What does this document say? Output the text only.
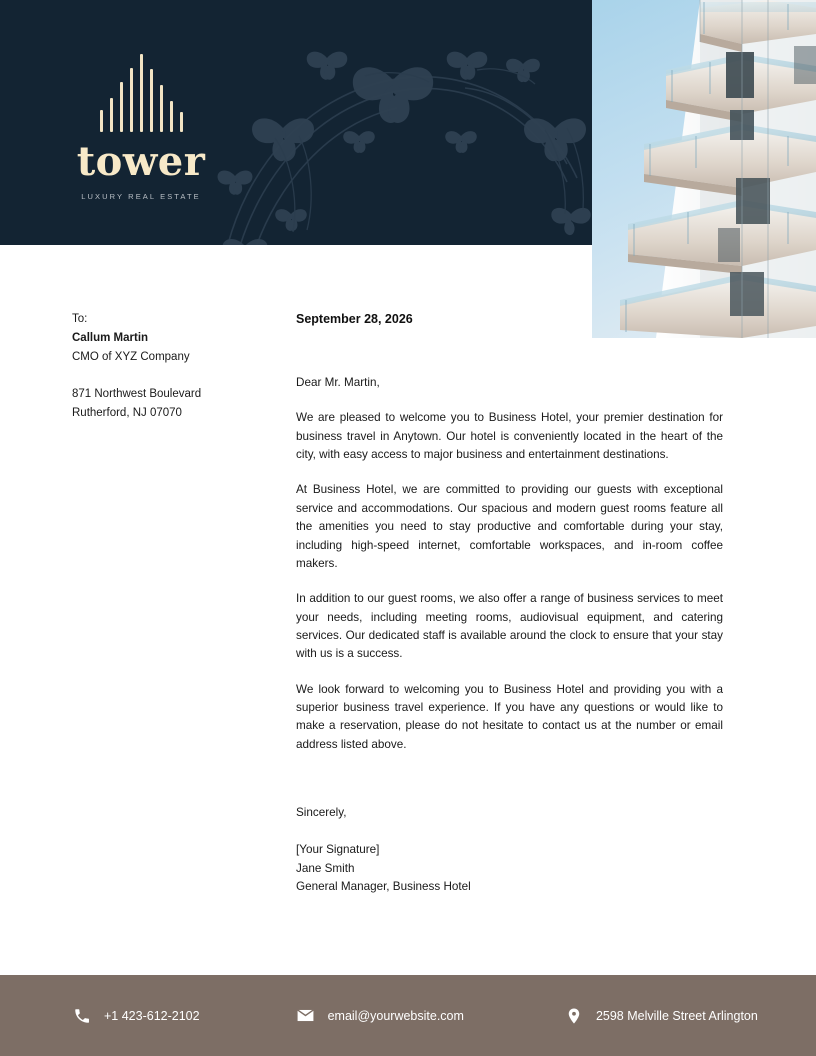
tower
LUXURY REAL ESTATE
To:
Callum Martin
CMO of XYZ Company
871 Northwest Boulevard
Rutherford, NJ 07070
September 28, 2026

Dear Mr. Martin,

We are pleased to welcome you to Business Hotel, your premier destination for business travel in Anytown. Our hotel is conveniently located in the heart of the city, with easy access to major business and entertainment destinations.

At Business Hotel, we are committed to providing our guests with exceptional service and accommodations. Our spacious and modern guest rooms feature all the amenities you need to stay productive and comfortable during your stay, including high-speed internet, comfortable workspaces, and in-room coffee makers.

In addition to our guest rooms, we also offer a range of business services to meet your needs, including meeting rooms, audiovisual equipment, and catering services. Our dedicated staff is available around the clock to ensure that your stay with us is a success.

We look forward to welcoming you to Business Hotel and providing you with a superior business travel experience. If you have any questions or would like to make a reservation, please do not hesitate to contact us at the number or email address listed above.

Sincerely,
[Your Signature]
Jane Smith
General Manager, Business Hotel
+1 423-612-2102	email@yourwebsite.com	2598 Melville Street Arlington
